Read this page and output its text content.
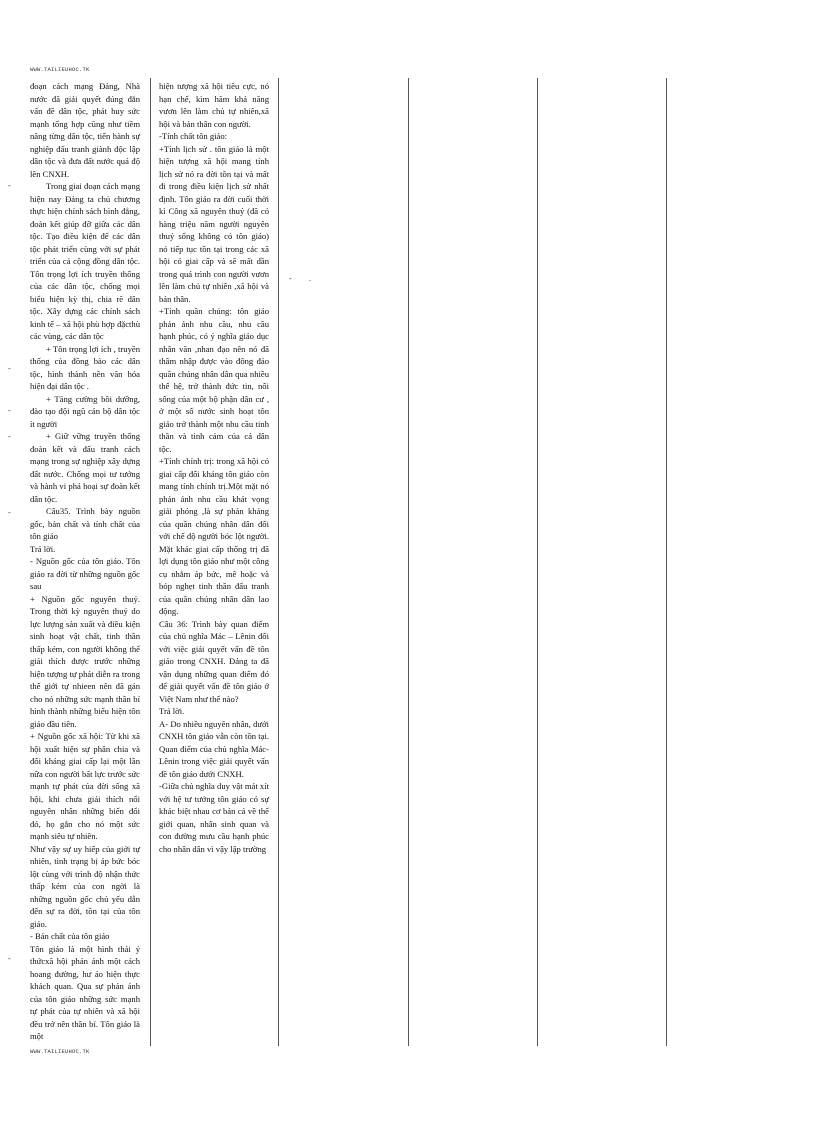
WWW.TAILIEUHOC.TK
-
-
-
-
-
-
- .

đoạn cách mạng Đảng, Nhà nước đã giải quyết đúng đắn vấn đề dân tộc, phát huy sức mạnh tổng hợp cũng như tiềm năng từng dân tộc, tiến hành sự nghiệp đấu tranh giành độc lập dân tộc và đưa đất nước quá độ lên CNXH.

Trong giai đoạn cách mạng hiện nay Đảng ta chủ chương thực hiện chính sách bình đẳng, đoàn kết giúp đỡ giữa các dân tộc. Tạo điều kiện để các dân tộc phát triển cùng với sự phát triển của cả cộng đồng dân tộc. Tôn trọng lợi ích truyền thống của các dân tộc, chống mọi biểu hiện kỳ thị, chia rẽ dân tộc. Xây dựng các chính sách kinh tế – xã hội phù hợp đặcthù các vùng, các dân tộc

+ Tôn trọng lợi ích , truyền thống của đồng bào các dân tộc, hình thành nền văn hóa hiện đại dân tộc .

+ Tăng cường bồi dưỡng, đào tạo đội ngũ cán bộ dân tộc ít người

+ Giữ vững truyền thống đoàn kết và đấu tranh cách mạng trong sự nghiệp xây dựng đất nước. Chống mọi tư tưởng và hành vi phá hoại sự đoàn kết dân tộc.

Câu35. Trình bày nguồn gốc, bản chất và tính chất của tôn giáo

Trả lời.

- Nguồn gốc của tôn giáo. Tôn giáo ra đời từ những nguồn gốc sau

+ Nguồn gốc nguyên thuỷ. Trong thời kỳ nguyên thuỷ do lực lượng sản xuất và điều kiện sinh hoạt vật chất, tinh thần thấp kém, con người không thể giải thích được trước những hiện tượng tự phát diễn ra trong thế giới tự nhieen nên đã gán cho nó những sức mạnh thần bí hình thành những biểu hiện tôn giáo đầu tiên.

+ Nguồn gốc xã hội: Từ khi xã hội xuất hiện sự phân chia và đối kháng giai cấp lại một lần nữa con người bất lực trước sức mạnh tự phát của đời sống xã hội, khi chưa giải thích nổi nguyên nhân những biến đổi đó, họ gắn cho nó một sức mạnh siêu tự nhiên.

Như vậy sự uy hiếp của giới tự nhiên, tình trạng bị áp bức bóc lột cùng với trình độ nhận thức thấp kém của con ngời là những nguồn gốc chủ yếu dẫn đến sự ra đời, tồn tại của tôn giáo.

- Bản chất của tôn giáo

Tôn giáo là một hình thái ý thứcxã hội phản ánh một cách hoang đường, hư ảo hiện thực khách quan. Qua sự phản ánh của tôn giáo những sức mạnh tự phát của tự nhiên và xã hội đều trở nên thần bí. Tôn giáo là một

hiện tượng xã hội tiêu cực, nó hạn chế, kìm hãm khả năng vươn lên làm chủ tự nhiên,xã hội và bản thân con người.

-Tính chất tôn giáo:

+Tính lịch sử . tôn giáo là một hiện tượng xã hội mang tính lịch sử nó ra đời tồn tại và mất đi trong điều kiện lịch sử nhất định. Tôn giáo ra đời cuối thời kì Công xã nguyên thuỷ (đã có hàng triệu năm người nguyên thuỷ sống không có tôn giáo) nó tiếp tục tồn tại trong các xã hội có giai cấp và sẽ mất dần trong quá trình con người vươn lên làm chủ tự nhiên ,xã hội và bản thân.

+Tính quần chúng: tôn giáo phản ánh nhu cầu, nhu cầu hạnh phúc, có ý nghĩa giáo dục nhân văn ,nhan đạo nên nó đã thâm nhập được vào đông đảo quần chúng nhân dân qua nhiều thế hệ, trở thành đức tin, nối sống của một bộ phận dân cư , ở một số nước sinh hoạt tôn giáo trở thành một nhu cầu tinh thần và tình cảm của cả dân tộc.

+Tính chính trị: trong xã hội có giai cấp đối kháng tôn giáo còn mang tính chính trị.Một mặt nó phản ánh nhu cầu khát vọng giải phóng ,là sự phản kháng của quần chúng nhân dân đối với chế độ người bóc lột người. Mặt khác giai cấp thống trị đã lợi dụng tôn giáo như một công cụ nhằm áp bức, mê hoặc và bóp nghẹt tinh thần đấu tranh của quần chúng nhân dân lao động.

Câu 36: Trình bày quan điểm của chủ nghĩa Mác – Lênin đối với việc giải quyết vấn đề tôn giáo trong CNXH. Đảng ta đã vận dụng những quan điểm đó để giải quyết vấn đề tôn giáo ở Việt Nam như thế nào?

Trả lời.

A- Do nhiều nguyên nhân, dưới CNXH tôn giáo vẫn còn tồn tại. Quan điểm của chủ nghĩa Mác-Lênin trong việc giải quyết vấn đề tôn giáo dưới CNXH.

-Giữa chủ nghĩa duy vật mát xít với hệ tư tưởng tôn giáo có sự khác biệt nhau cơ bản cả về thế giới quan, nhân sinh quan và con đường mưu cầu hạnh phúc cho nhân dân vì vậy lập trường

WWW.TAILIEUHOC.TK
